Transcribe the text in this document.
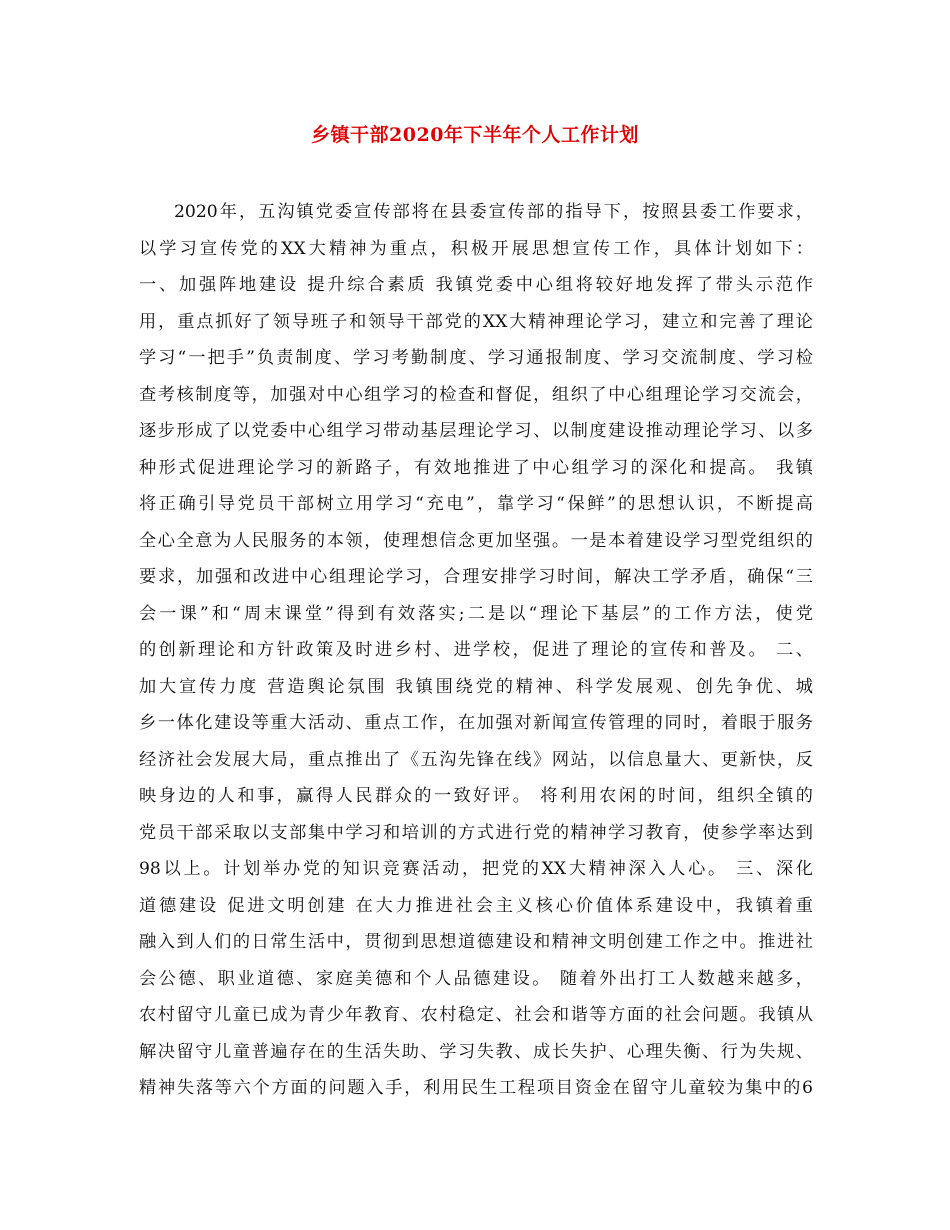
乡镇干部2020年下半年个人工作计划
2020年，五沟镇党委宣传部将在县委宣传部的指导下，按照县委工作要求，
以学习宣传党的XX大精神为重点，积极开展思想宣传工作，具体计划如下：
一、加强阵地建设 提升综合素质 我镇党委中心组将较好地发挥了带头示范作
用，重点抓好了领导班子和领导干部党的XX大精神理论学习，建立和完善了理论
学习“一把手”负责制度、学习考勤制度、学习通报制度、学习交流制度、学习检
查考核制度等，加强对中心组学习的检查和督促，组织了中心组理论学习交流会，
逐步形成了以党委中心组学习带动基层理论学习、以制度建设推动理论学习、以多
种形式促进理论学习的新路子，有效地推进了中心组学习的深化和提高。 我镇
将正确引导党员干部树立用学习“充电”，靠学习“保鲜”的思想认识，不断提高
全心全意为人民服务的本领，使理想信念更加坚强。一是本着建设学习型党组织的
要求，加强和改进中心组理论学习，合理安排学习时间，解决工学矛盾，确保“三
会一课”和“周末课堂”得到有效落实;二是以“理论下基层”的工作方法，使党
的创新理论和方针政策及时进乡村、进学校，促进了理论的宣传和普及。 二、
加大宣传力度 营造舆论氛围 我镇围绕党的精神、科学发展观、创先争优、城
乡一体化建设等重大活动、重点工作，在加强对新闻宣传管理的同时，着眼于服务
经济社会发展大局，重点推出了《五沟先锋在线》网站，以信息量大、更新快，反
映身边的人和事，赢得人民群众的一致好评。 将利用农闲的时间，组织全镇的
党员干部采取以支部集中学习和培训的方式进行党的精神学习教育，使参学率达到
98以上。计划举办党的知识竞赛活动，把党的XX大精神深入人心。 三、深化
道德建设 促进文明创建 在大力推进社会主义核心价值体系建设中，我镇着重
融入到人们的日常生活中，贯彻到思想道德建设和精神文明创建工作之中。推进社
会公德、职业道德、家庭美德和个人品德建设。 随着外出打工人数越来越多，
农村留守儿童已成为青少年教育、农村稳定、社会和谐等方面的社会问题。我镇从
解决留守儿童普遍存在的生活失助、学习失教、成长失护、心理失衡、行为失规、
精神失落等六个方面的问题入手，利用民生工程项目资金在留守儿童较为集中的6
